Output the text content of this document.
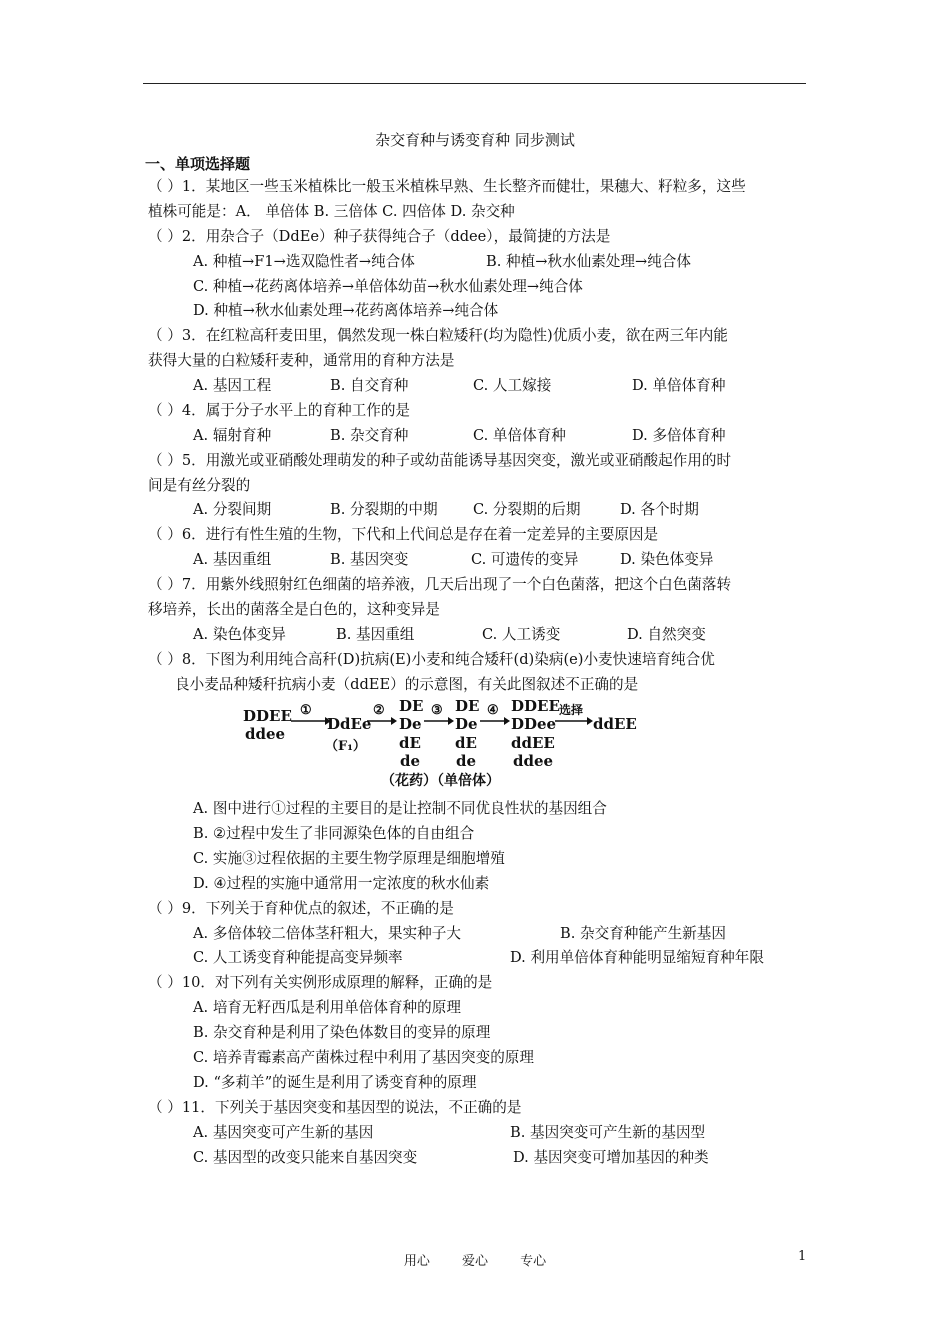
杂交育种与诱变育种 同步测试
一、单项选择题
（ ）1．某地区一些玉米植株比一般玉米植株早熟、生长整齐而健壮，果穗大、籽粒多，这些
植株可能是：A． 单倍体 B. 三倍体 C. 四倍体 D. 杂交种
（ ）2．用杂合子（DdEe）种子获得纯合子（ddee），最简捷的方法是
A. 种植→F1→选双隐性者→纯合体	B. 种植→秋水仙素处理→纯合体
C. 种植→花药离体培养→单倍体幼苗→秋水仙素处理→纯合体
D. 种植→秋水仙素处理→花药离体培养→纯合体
（ ）3．在红粒高秆麦田里，偶然发现一株白粒矮秆(均为隐性)优质小麦，欲在两三年内能
获得大量的白粒矮秆麦种，通常用的育种方法是
A. 基因工程	B. 自交育种	C. 人工嫁接	D. 单倍体育种
（ ）4．属于分子水平上的育种工作的是
A. 辐射育种	B. 杂交育种	C. 单倍体育种	D. 多倍体育种
（ ）5．用激光或亚硝酸处理萌发的种子或幼苗能诱导基因突变，激光或亚硝酸起作用的时
间是有丝分裂的
A. 分裂间期	B. 分裂期的中期 C. 分裂期的后期	D. 各个时期
（ ）6．进行有性生殖的生物，下代和上代间总是存在着一定差异的主要原因是
A. 基因重组	B. 基因突变	C. 可遗传的变异	D. 染色体变异
（ ）7．用紫外线照射红色细菌的培养液，几天后出现了一个白色菌落，把这个白色菌落转
移培养，长出的菌落全是白色的，这种变异是
A. 染色体变异	B. 基因重组	C. 人工诱变	D. 自然突变
（ ）8．下图为利用纯合高秆(D)抗病(E)小麦和纯合矮秆(d)染病(e)小麦快速培育纯合优
良小麦品种矮秆抗病小麦（ddEE）的示意图，有关此图叙述不正确的是
DDEE
ddee
①
DdEe
（F₁）
② DE
De
dE
de
③ DE
De
dE
de
④ DDEE
DDee
ddEE
ddee
选择
ddEE
（花药）（单倍体）
A. 图中进行①过程的主要目的是让控制不同优良性状的基因组合
B. ②过程中发生了非同源染色体的自由组合
C. 实施③过程依据的主要生物学原理是细胞增殖
D. ④过程的实施中通常用一定浓度的秋水仙素
（ ）9．下列关于育种优点的叙述，不正确的是
A. 多倍体较二倍体茎秆粗大，果实种子大	B. 杂交育种能产生新基因
C. 人工诱变育种能提高变异频率	D. 利用单倍体育种能明显缩短育种年限
（ ）10．对下列有关实例形成原理的解释，正确的是
A. 培育无籽西瓜是利用单倍体育种的原理
B. 杂交育种是利用了染色体数目的变异的原理
C. 培养青霉素高产菌株过程中利用了基因突变的原理
D. “多莉羊”的诞生是利用了诱变育种的原理
（ ）11．下列关于基因突变和基因型的说法，不正确的是
A. 基因突变可产生新的基因	B. 基因突变可产生新的基因型
C. 基因型的改变只能来自基因突变	D. 基因突变可增加基因的种类
用心 爱心 专心	1
